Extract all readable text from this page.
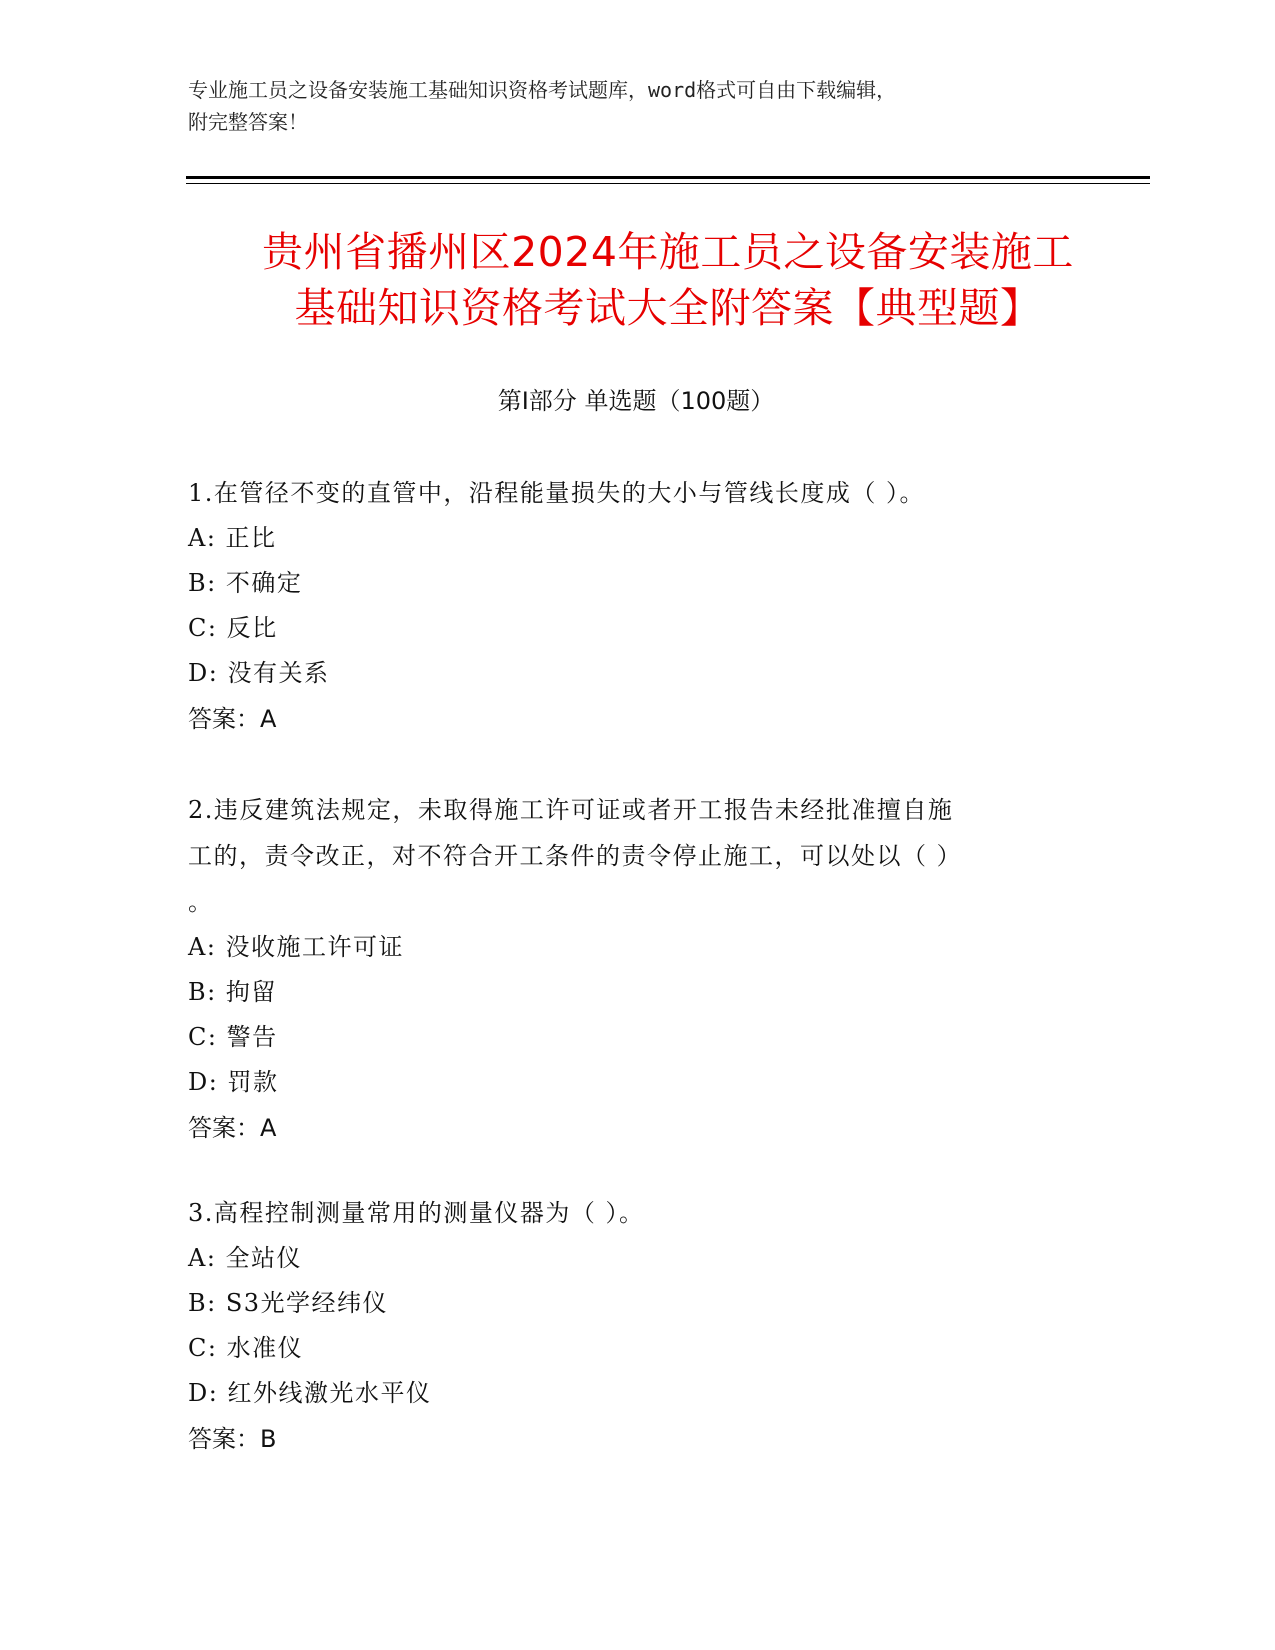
专业施工员之设备安装施工基础知识资格考试题库，word格式可自由下载编辑，
附完整答案！
贵州省播州区2024年施工员之设备安装施工
基础知识资格考试大全附答案【典型题】
第Ⅰ部分 单选题（100题）

1.在管径不变的直管中，沿程能量损失的大小与管线长度成（ ）。

A: 正比

B: 不确定

C: 反比

D: 没有关系

答案：A

2.违反建筑法规定，未取得施工许可证或者开工报告未经批准擅自施

工的，责令改正，对不符合开工条件的责令停止施工，可以处以（ ）

。

A: 没收施工许可证

B: 拘留

C: 警告

D: 罚款

答案：A

3.高程控制测量常用的测量仪器为（ ）。

A: 全站仪

B: S3光学经纬仪

C: 水准仪

D: 红外线激光水平仪

答案：B
